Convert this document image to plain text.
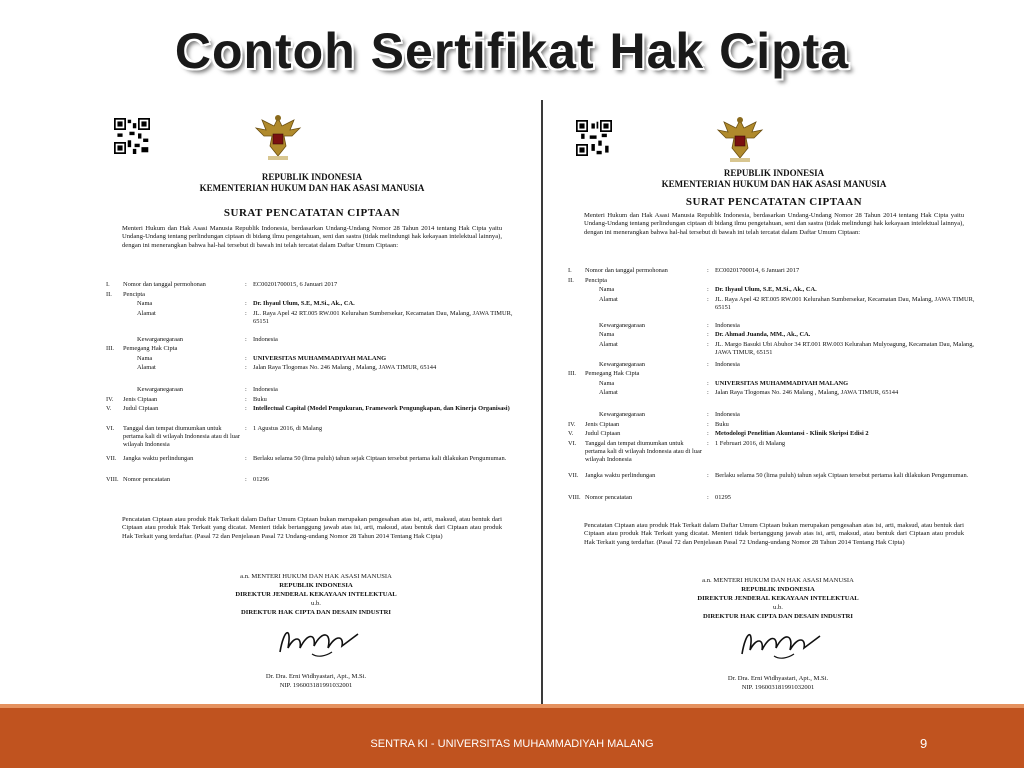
Contoh Sertifikat Hak Cipta
REPUBLIK INDONESIA
KEMENTERIAN HUKUM DAN HAK ASASI MANUSIA
SURAT PENCATATAN CIPTAAN
Menteri Hukum dan Hak Asasi Manusia Republik Indonesia, berdasarkan Undang-Undang Nomor 28 Tahun 2014 tentang Hak Cipta yaitu Undang-Undang tentang perlindungan ciptaan di bidang ilmu pengetahuan, seni dan sastra (tidak melindungi hak kekayaan intelektual lainnya), dengan ini menerangkan bahwa hal-hal tersebut di bawah ini telah tercatat dalam Daftar Umum Ciptaan:
I.	Nomor dan tanggal permohonan	: EC00201700015, 6 Januari 2017
II.	Pencipta
Nama	: Dr. Ihyaul Ulum, S.E, M.Si., Ak., CA.
Alamat	: JL. Raya Apel 42 RT.005 RW.001 Kelurahan Sumbersekar, Kecamatan Dau, Malang, JAWA TIMUR, 65151
Kewarganegaraan	: Indonesia
III.	Pemegang Hak Cipta
Nama	: UNIVERSITAS MUHAMMADIYAH MALANG
Alamat	: Jalan Raya Tlogomas No. 246 Malang , Malang, JAWA TIMUR, 65144
Kewarganegaraan	: Indonesia
IV.	Jenis Ciptaan	: Buku
V.	Judul Ciptaan	: Intellectual Capital (Model Pengukuran, Framework Pengungkapan, dan Kinerja Organisasi)
VI.	Tanggal dan tempat diumumkan untuk pertama kali di wilayah Indonesia atau di luar wilayah Indonesia
: 1 Agustus 2016, di Malang
VII.	Jangka waktu perlindungan	: Berlaku selama 50 (lima puluh) tahun sejak Ciptaan tersebut pertama kali dilakukan Pengumuman.
VIII. Nomor pencatatan	: 01296
Pencatatan Ciptaan atau produk Hak Terkait dalam Daftar Umum Ciptaan bukan merupakan pengesahan atas isi, arti, maksud, atau bentuk dari Ciptaan atau produk Hak Terkait yang dicatat. Menteri tidak bertanggung jawab atas isi, arti, maksud, atau bentuk dari Ciptaan atau produk Hak Terkait yang terdaftar. (Pasal 72 dan Penjelasan Pasal 72 Undang-undang Nomor 28 Tahun 2014 Tentang Hak Cipta)
a.n. MENTERI HUKUM DAN HAK ASASI MANUSIA
REPUBLIK INDONESIA
DIREKTUR JENDERAL KEKAYAAN INTELEKTUAL
u.b.
DIREKTUR HAK CIPTA DAN DESAIN INDUSTRI
Dr. Dra. Erni Widhyastari, Apt., M.Si.
NIP. 196003181991032001
REPUBLIK INDONESIA
KEMENTERIAN HUKUM DAN HAK ASASI MANUSIA
SURAT PENCATATAN CIPTAAN
Menteri Hukum dan Hak Asasi Manusia Republik Indonesia, berdasarkan Undang-Undang Nomor 28 Tahun 2014 tentang Hak Cipta yaitu Undang-Undang tentang perlindungan ciptaan di bidang ilmu pengetahuan, seni dan sastra (tidak melindungi hak kekayaan intelektual lainnya), dengan ini menerangkan bahwa hal-hal tersebut di bawah ini telah tercatat dalam Daftar Umum Ciptaan:
I.	Nomor dan tanggal permohonan	: EC00201700014, 6 Januari 2017
II.	Pencipta
Nama	: Dr. Ihyaul Ulum, S.E, M.Si., Ak., CA.
Alamat	: JL. Raya Apel 42 RT.005 RW.001 Kelurahan Sumbersekar, Kecamatan Dau, Malang, JAWA TIMUR, 65151
Kewarganegaraan	: Indonesia
Nama	: Dr. Ahmad Juanda, MM., Ak., CA.
Alamat	: JL. Margo Basuki Ubi Abuhor 34 RT.001 RW.003 Kelurahan Mulyoagung, Kecamatan Dau, Malang, JAWA TIMUR, 65151
Kewarganegaraan	: Indonesia
III.	Pemegang Hak Cipta
Nama	: UNIVERSITAS MUHAMMADIYAH MALANG
Alamat	: Jalan Raya Tlogomas No. 246 Malang , Malang, JAWA TIMUR, 65144
Kewarganegaraan	: Indonesia
IV.	Jenis Ciptaan	: Buku
V.	Judul Ciptaan	: Metodologi Penelitian Akuntansi - Klinik Skripsi Edisi 2
VI.	Tanggal dan tempat diumumkan untuk pertama kali di wilayah Indonesia atau di luar wilayah Indonesia
: 1 Februari 2016, di Malang
VII.	Jangka waktu perlindungan	: Berlaku selama 50 (lima puluh) tahun sejak Ciptaan tersebut pertama kali dilakukan Pengumuman.
VIII. Nomor pencatatan	: 01295
Pencatatan Ciptaan atau produk Hak Terkait dalam Daftar Umum Ciptaan bukan merupakan pengesahan atas isi, arti, maksud, atau bentuk dari Ciptaan atau produk Hak Terkait yang dicatat. Menteri tidak bertanggung jawab atas isi, arti, maksud, atau bentuk dari Ciptaan atau produk Hak Terkait yang terdaftar. (Pasal 72 dan Penjelasan Pasal 72 Undang-undang Nomor 28 Tahun 2014 Tentang Hak Cipta)
a.n. MENTERI HUKUM DAN HAK ASASI MANUSIA
REPUBLIK INDONESIA
DIREKTUR JENDERAL KEKAYAAN INTELEKTUAL
u.b.
DIREKTUR HAK CIPTA DAN DESAIN INDUSTRI
Dr. Dra. Erni Widhyastari, Apt., M.Si.
NIP. 196003181991032001
SENTRA KI - UNIVERSITAS MUHAMMADIYAH MALANG	9
